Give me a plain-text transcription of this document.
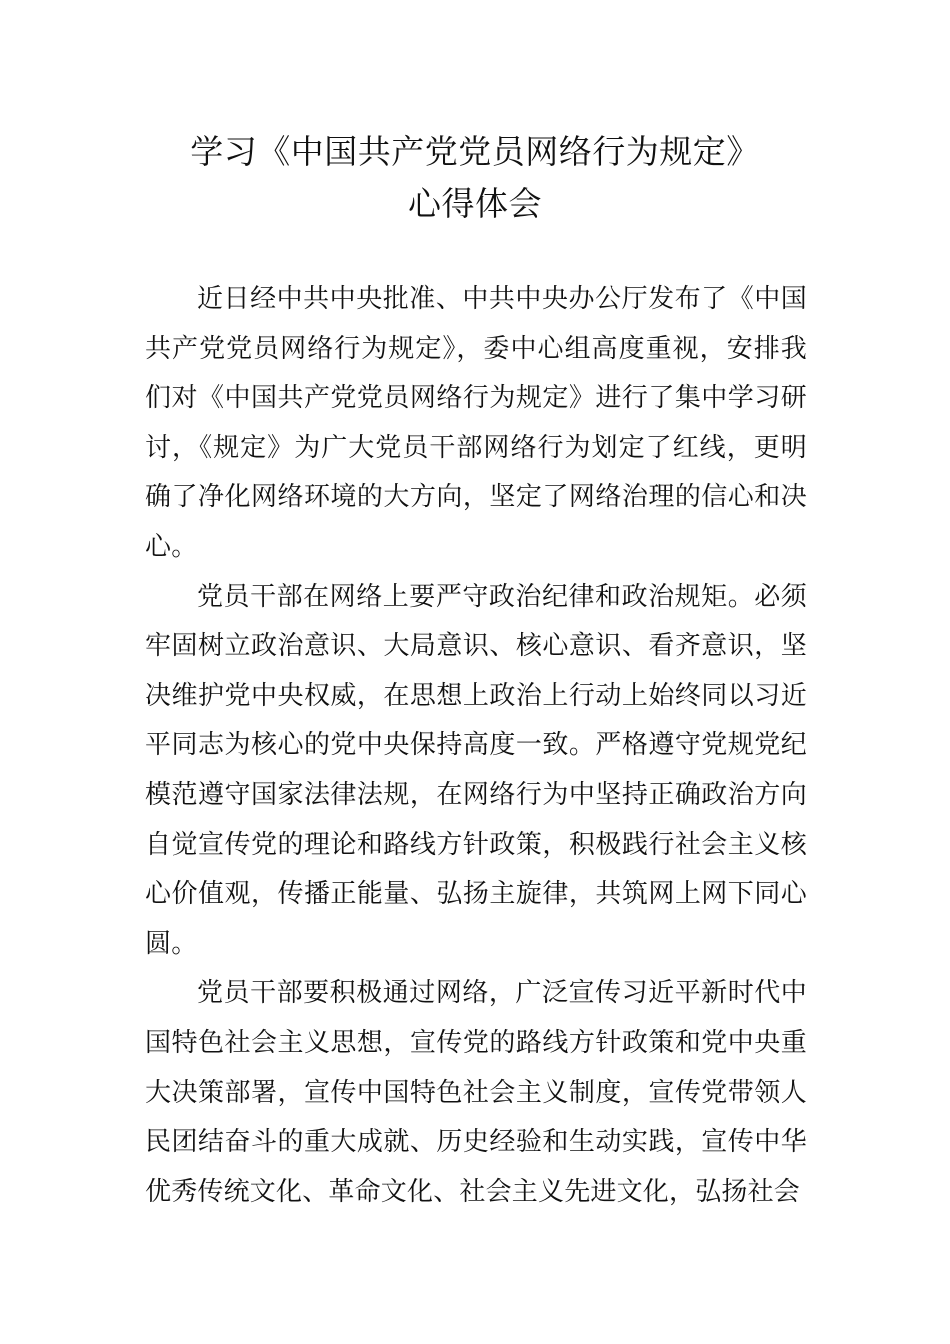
学习《中国共产党党员网络行为规定》
心得体会

近日经中共中央批准、中共中央办公厅发布了《中国共产党党员网络行为规定》，委中心组高度重视，安排我们对《中国共产党党员网络行为规定》进行了集中学习研讨，《规定》为广大党员干部网络行为划定了红线，更明确了净化网络环境的大方向，坚定了网络治理的信心和决心。

党员干部在网络上要严守政治纪律和政治规矩。必须牢固树立政治意识、大局意识、核心意识、看齐意识，坚决维护党中央权威，在思想上政治上行动上始终同以习近平同志为核心的党中央保持高度一致。严格遵守党规党纪模范遵守国家法律法规，在网络行为中坚持正确政治方向自觉宣传党的理论和路线方针政策，积极践行社会主义核心价值观，传播正能量、弘扬主旋律，共筑网上网下同心圆。

党员干部要积极通过网络，广泛宣传习近平新时代中国特色社会主义思想，宣传党的路线方针政策和党中央重大决策部署，宣传中国特色社会主义制度，宣传党带领人民团结奋斗的重大成就、历史经验和生动实践，宣传中华优秀传统文化、革命文化、社会主义先进文化，弘扬社会
